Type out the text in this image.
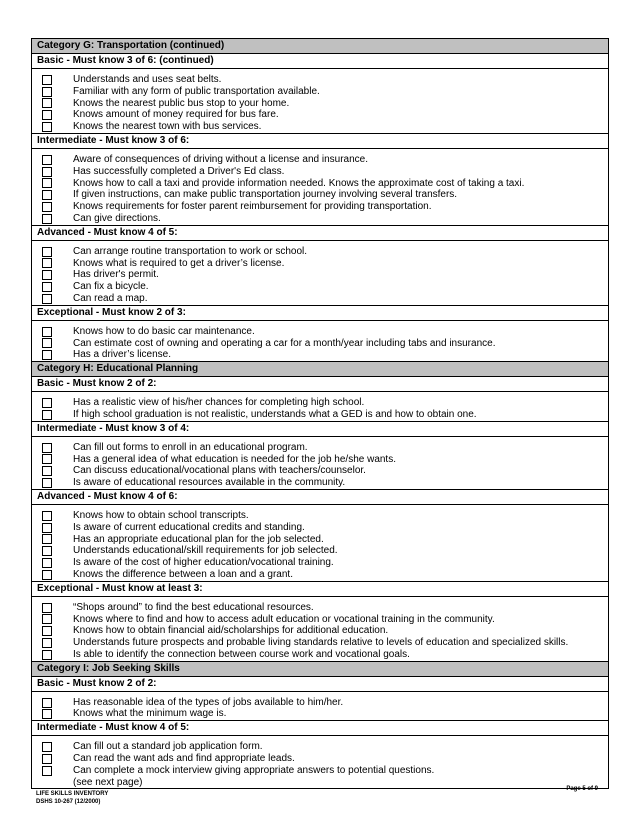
Category G: Transportation (continued)
Basic - Must know 3 of 6: (continued)
Understands and uses seat belts.
Familiar with any form of public transportation available.
Knows the nearest public bus stop to your home.
Knows amount of money required for bus fare.
Knows the nearest town with bus services.
Intermediate - Must know 3 of 6:
Aware of consequences of driving without a license and insurance.
Has successfully completed a Driver's Ed class.
Knows how to call a taxi and provide information needed. Knows the approximate cost of taking a taxi.
If given instructions, can make public transportation journey involving several transfers.
Knows requirements for foster parent reimbursement for providing transportation.
Can give directions.
Advanced - Must know 4 of 5:
Can arrange routine transportation to work or school.
Knows what is required to get a driver’s license.
Has driver's permit.
Can fix a bicycle.
Can read a map.
Exceptional - Must know 2 of 3:
Knows how to do basic car maintenance.
Can estimate cost of owning and operating a car for a month/year including tabs and insurance.
Has a driver’s license.
Category H: Educational Planning
Basic - Must know 2 of 2:
Has a realistic view of his/her chances for completing high school.
If high school graduation is not realistic, understands what a GED is and how to obtain one.
Intermediate - Must know 3 of 4:
Can fill out forms to enroll in an educational program.
Has a general idea of what education is needed for the job he/she wants.
Can discuss educational/vocational plans with teachers/counselor.
Is aware of educational resources available in the community.
Advanced - Must know 4 of 6:
Knows how to obtain school transcripts.
Is aware of current educational credits and standing.
Has an appropriate educational plan for the job selected.
Understands educational/skill requirements for job selected.
Is aware of the cost of higher education/vocational training.
Knows the difference between a loan and a grant.
Exceptional - Must know at least 3:
“Shops around” to find the best educational resources.
Knows where to find and how to access adult education or vocational training in the community.
Knows how to obtain financial aid/scholarships for additional education.
Understands future prospects and probable living standards relative to levels of education and specialized skills.
Is able to identify the connection between course work and vocational goals.
Category I: Job Seeking Skills
Basic - Must know 2 of 2:
Has reasonable idea of the types of jobs available to him/her.
Knows what the minimum wage is.
Intermediate - Must know 4 of 5:
Can fill out a standard job application form.
Can read the want ads and find appropriate leads.
Can complete a mock interview giving appropriate answers to potential questions.
(see next page)
LIFE SKILLS INVENTORY
DSHS 10-267 (12/2000)
Page 5 of 9
